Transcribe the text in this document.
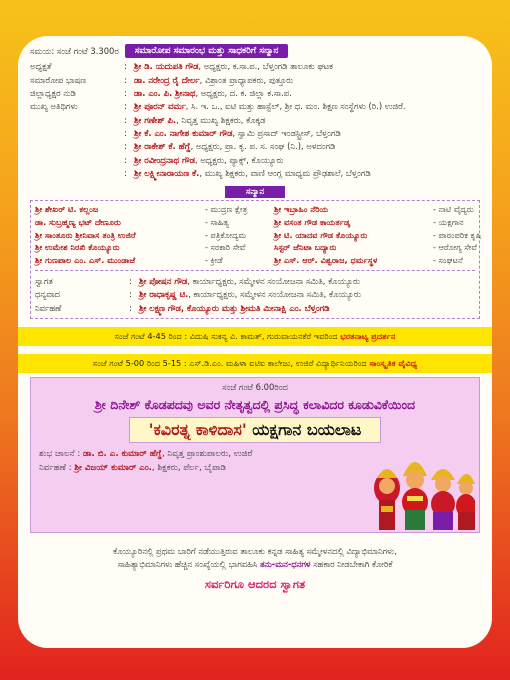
ಸಮಯ: ಸಂಜೆ ಗಂಟೆ 3.300ರ	ಸಮಾರೋಪ ಸಮಾರಂಭ ಮತ್ತು ಸಾಧಕರಿಗೆ ಸನ್ಮಾನ
ಅಧ್ಯಕ್ಷತೆ	:	ಶ್ರೀ ಡಿ. ಯದುಪತಿ ಗೌಡ, ಅಧ್ಯಕ್ಷರು, ಕ.ಸಾ.ಪ., ಬೆಳ್ತಂಗಡಿ ತಾಲೂಕು ಘಟಕ
ಸಮಾರೋಪ ಭಾಷಣ	:	ಡಾ. ನರೇಂದ್ರ ರೈ ದೇರ್ಲ, ವಿಶ್ರಾಂತ ಪ್ರಾಧ್ಯಾಪಕರು, ಪುತ್ತೂರು
ಜಿಲ್ಲಾಧ್ಯಕ್ಷರ ನುಡಿ	:	ಡಾ. ಎಂ. ಪಿ. ಶ್ರೀನಾಥ, ಅಧ್ಯಕ್ಷರು, ದ. ಕ. ಜಿಲ್ಲಾ ಕ.ಸಾ.ಪ.
ಮುಖ್ಯ ಅತಿಥಿಗಳು	:	ಶ್ರೀ ಪೂರನ್ ವರ್ಮ, ಸಿ. ಇ. ಒ., ಐಟಿ ಮತ್ತು ಹಾಸ್ಟೆಲ್, ಶ್ರೀ ಧ. ಮಂ. ಶಿಕ್ಷಣ ಸಂಸ್ಥೆಗಳು (ರಿ.) ಉಜಿರೆ.
	:	ಶ್ರೀ ಗಣೇಶ್ ಪಿ., ನಿವೃತ್ತ ಮುಖ್ಯ ಶಿಕ್ಷಕರು, ಕೊಕ್ಕಡ
	:	ಶ್ರೀ ಕೆ. ಎಂ. ನಾಗೇಶ ಕುಮಾರ್ ಗೌಡ, ಸ್ವಾಮಿ ಪ್ರಸಾದ್ ಇಂಡಸ್ಟ್ರೀಸ್, ಬೆಳ್ತಂಗಡಿ
	:	ಶ್ರೀ ರಾಕೇಶ್ ಕೆ. ಹೆಗ್ಡೆ, ಅಧ್ಯಕ್ಷರು, ಪ್ರಾ. ಕೃ. ಪ. ಸ. ಸಂಘ (ನಿ.), ಅಳದಂಗಡಿ
	:	ಶ್ರೀ ರವೀಂದ್ರನಾಥ ಗೌಡ, ಅಧ್ಯಕ್ಷರು, ಪ್ಯಾಕ್ಸ್, ಕೊಯ್ಯೂರು
	:	ಶ್ರೀ ಲಕ್ಷ್ಮೀನಾರಾಯಣ ಕೆ., ಮುಖ್ಯ ಶಿಕ್ಷಕರು, ವಾಣಿ ಆಂಗ್ಲ ಮಾಧ್ಯಮ ಪ್ರೌಢಶಾಲೆ, ಬೆಳ್ತಂಗಡಿ
ಸನ್ಮಾನ
ಶ್ರೀ ಶೇಖರ್ ಟಿ. ಕಲ್ಲಂಜ	- ಮುದ್ರಣ ಕ್ಷೇತ್ರ	ಶ್ರೀ ಇಬ್ರಾಹಿಂ ನೆರಿಯ	- ನಾಟಿ ವೈದ್ಯರು
ಡಾ. ಸುಬ್ರಹ್ಮಣ್ಯ ಭಟ್ ದೇಣೂರು	- ಸಾಹಿತ್ಯ	ಶ್ರೀ ವಸಂತ ಗೌಡ ಕಾಯರ್ತಡ್ಕ	- ಯಕ್ಷಗಾನ
ಶ್ರೀ ಸಾಂತೂರು ಶ್ರೀನಿವಾಸ ತಂತ್ರಿ ಉಜಿರೆ	- ಪತ್ರಿಕೋದ್ಯಮ	ಶ್ರೀ ಟಿ. ಯಾದವ ಗೌಡ ಕೊಯ್ಯೂರು	- ಪಾರಂಪರಿಕ ಕೃಷಿ
ಶ್ರೀ ಉಮೇಶ ನಿರಖಿ ಕೊಯ್ಯೂರು	- ಸರಕಾರಿ ಸೇವೆ	ಸಿಸ್ಟರ್ ಜೆನಿಟಾ ಬದ್ಯಾರು	- ಆರೋಗ್ಯ ಸೇವೆ
ಶ್ರೀ ಗುಣಪಾಲ ಎಂ. ಎಸ್. ಮುಂಡಾಜೆ	- ಕ್ರೀಡೆ	ಶ್ರೀ ಎಸ್. ಆರ್. ವಿಶ್ವರಾಜ, ಧರ್ಮಸ್ಥಳ	- ಸಂಘಟನೆ
ಸ್ವಾಗತ	:	ಶ್ರೀ ಪೋಷನ ಗೌಡ, ಕಾರ್ಯಾಧ್ಯಕ್ಷರು, ಸಮ್ಮೇಳನ ಸಂಯೋಜನಾ ಸಮಿತಿ, ಕೊಯ್ಯೂರು
ಧನ್ಯವಾದ	:	ಶ್ರೀ ರಾಧಾಕೃಷ್ಣ ಟಿ., ಕಾರ್ಯಾಧ್ಯಕ್ಷರು, ಸಮ್ಮೇಳನ ಸಂಯೋಜನಾ ಸಮಿತಿ, ಕೊಯ್ಯೂರು
ನಿರ್ವಹಣೆ	:	ಶ್ರೀ ಲಕ್ಷ್ಮಣ ಗೌಡ, ಕೊಯ್ಯೂರು ಮತ್ತು ಶ್ರೀಮತಿ ಮೀನಾಕ್ಷಿ ಎಂ. ಬೆಳ್ತಂಗಡಿ
ಸಂಜೆ ಗಂಟೆ 4-45 ರಿಂದ : ವಿದುಷಿ ಸುಕನ್ಯ ವಿ. ಕಾಮತ್, ಗುರುವಾಯನಕೆರೆ ಇವರಿಂದ ಭರತನಾಟ್ಯ ಪ್ರದರ್ಶನ
ಸಂಜೆ ಗಂಟೆ 5-00 ರಿಂದ 5-15 : ಎಸ್.ಡಿ.ಎಂ. ಮಹಿಳಾ ಐಟಿಐ ಕಾಲೇಜು, ಉಜಿರೆ ವಿದ್ಯಾರ್ಥಿನಿಯರಿಂದ ಸಾಂಸ್ಕೃತಿಕ ವೈವಿಧ್ಯ
ಸಂಜೆ ಗಂಟೆ 6.00ರಿಂದ
ಶ್ರೀ ದಿನೇಶ್ ಕೊಡಪದವು ಅವರ ನೇತೃತ್ವದಲ್ಲಿ ಪ್ರಸಿದ್ಧ ಕಲಾವಿದರ ಕೂಡುವಿಕೆಯಿಂದ
'ಕವಿರತ್ನ ಕಾಳಿದಾಸ' ಯಕ್ಷಗಾನ ಬಯಲಾಟ
ಶುಭ ಚಾಲನೆ : ಡಾ. ಬಿ. ಎ. ಕುಮಾರ್ ಹೆಗ್ಡೆ, ನಿವೃತ್ತ ಪ್ರಾಂಶುಪಾಲರು, ಉಜಿರೆ
ನಿರ್ವಹಣೆ : ಶ್ರೀ ವಿಜಯ್ ಕುಮಾರ್ ಎಂ., ಶಿಕ್ಷಕರು, ಪೆರ್ಲ, ಬೈಪಾಡಿ
ಕೊಯ್ಯೂರಿನಲ್ಲಿ ಪ್ರಥಮ ಬಾರಿಗೆ ನಡೆಯುತ್ತಿರುವ ತಾಲೂಕು ಕನ್ನಡ ಸಾಹಿತ್ಯ ಸಮ್ಮೇಳನದಲ್ಲಿ ವಿದ್ಯಾಭಿಮಾನಿಗಳು,
ಸಾಹಿತ್ಯಾಭಿಮಾನಿಗಳು ಹೆಚ್ಚಿನ ಸಂಖ್ಯೆಯಲ್ಲಿ ಭಾಗವಹಿಸಿ ತನು-ಮನ-ಧನಗಳ ಸಹಕಾರ ನೀಡಬೇಕಾಗಿ ಕೋರಿಕೆ
ಸರ್ವರಿಗೂ ಆದರದ ಸ್ವಾಗತ
